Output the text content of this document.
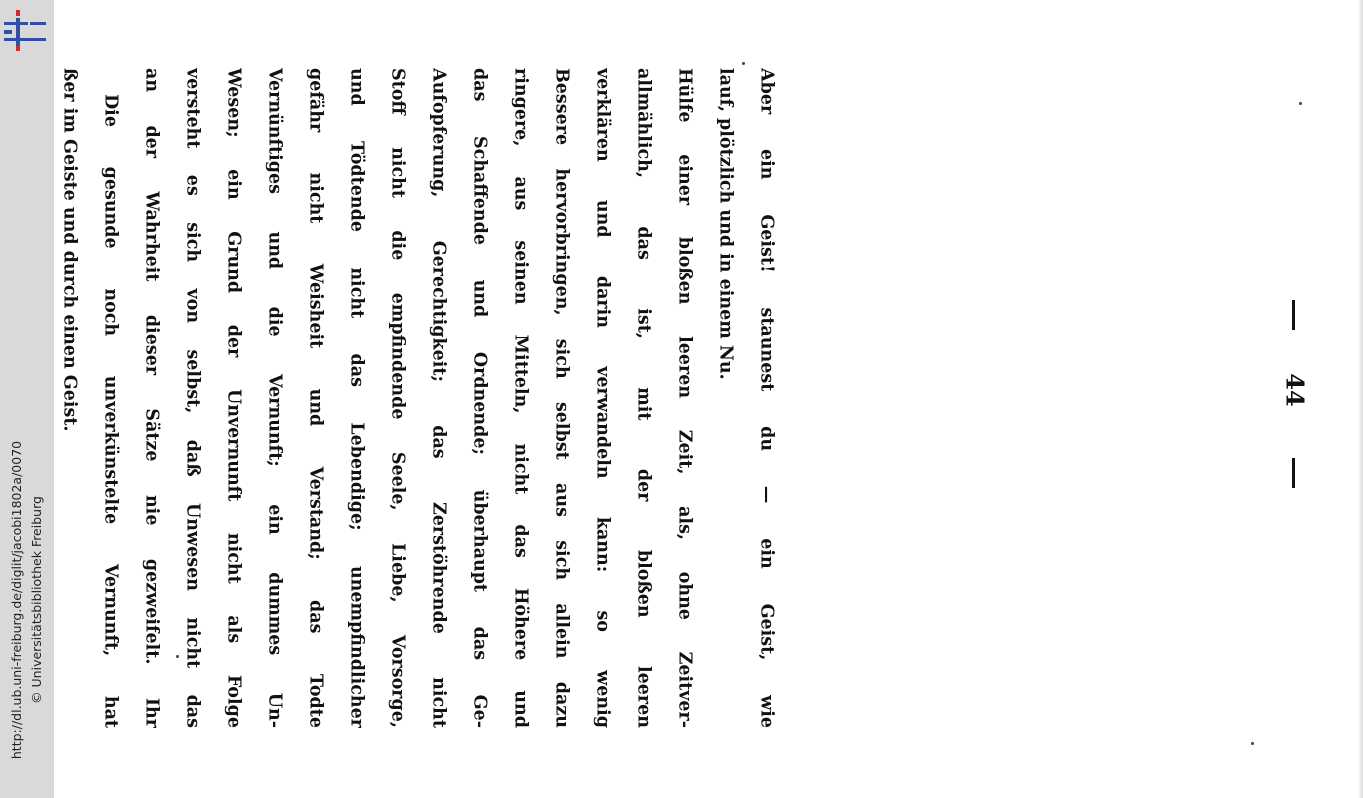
http://dl.ub.uni-freiburg.de/diglit/jacobi1802a/0070 © Universitätsbibliothek Freiburg
44
Aber ein Geist! staunest du — ein Geist, wie
lauf, plötzlich und in einem Nu.
Hülfe einer bloßen leeren Zeit, als, ohne Zeitver-
allmählich, das ist, mit der bloßen leeren
verklären und darin verwandeln kann: so wenig
Bessere hervorbringen, sich selbst aus sich allein dazu
ringere, aus seinen Mitteln, nicht das Höhere und
das Schaffende und Ordnende; überhaupt das Ge-
Aufopferung, Gerechtigkeit; das Zerstöhrende nicht
Stoff nicht die empfindende Seele, Liebe, Vorsorge,
und Tödtende nicht das Lebendige; unempfindlicher
gefähr nicht Weisheit und Verstand; das Todte
Vernünftiges und die Vernunft; ein dummes Un-
Wesen; ein Grund der Unvernunft nicht als Folge
versteht es sich von selbst, daß Unwesen nicht das
an der Wahrheit dieser Sätze nie gezweifelt. Ihr
Die gesunde noch unverkünstelte Vernunft, hat
ßer im Geiste und durch einen Geist.
